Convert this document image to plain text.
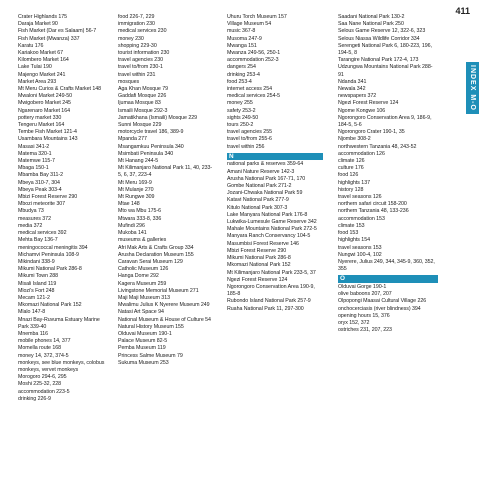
411
Crater Highlands 175
Daraja Market 90
Fish Market (Dar es Salaam) 56-7
Fish Market (Mwanza) 337
Karatu 176
Kariakoo Market 67
Kilombero Market 164
Lake Tulai 190
Majengo Market 241
Market Area 293
Mt Meru Curios & Crafts Market 148
Mwaloni Market 249-50
Mwigobero Market 245
Ngarenaro Market 164
pottery market 330
Tengeru Market 164
Tembe Fish Market 121-4
Usambara Mountains 143
Masasi 341-2
Matema 320-1
Matemwe 115-7
Mbaga 150-1
Mbamba Bay 311-2
Mbeya 310-7, 304
Mbeya Peak 303-4
Mbizi Forest Reserve 290
Mbozi meteorite 307
Mbudya 73
measures 372
media 372
medical services 392
Mehta Bay 136-7
meningococcal meningitis 394
Michamvi Peninsula 108-9
Mikindani 338-9
Mikumi National Park 286-8
Mikumi Town 288
Misali Island 119
Mlozi's Fort 248
Mecam 121-2
Mkomazi National Park 152
Mlalo 147-8
Mnazi Bay-Ruvuma Estuary Marine Park 339-40
Mnemba 116
mobile phones 14, 377
Momella route 168
money 14, 372, 374-5
monkeys, see blue monkeys, colobus monkeys, vervet monkeys
Morogoro 294-6, 295
Moshi 225-32, 228
accommodation 223-5
drinking 226-9
food 226-7, 229
immigration 230
medical services 230
money 230
shopping 229-30
tourist information 230
travel agencies 230
travel to/from 230-1
travel within 231
mosques
Aga Khan Mosque 79
Gaddafi Mosque 226
Ijumaa Mosque 83
Ismaili Mosque 292-3
Jamatikhana (Ismaili) Mosque 229
Sunni Mosque 229
motorcycle travel 186, 389-9
Mpanda 277
Msangamkuu Peninsula 340
Msimbati Peninsula 340
Mt Hanang 244-5
Mt Kilimanjaro National Park 11, 40, 233-5, 6, 37, 223-4
Mt Meru 169-9
Mt Mulanje 270
Mt Rungwe 309
Mtae 148
Mto wa Mbu 175-6
Mtwara 333-8, 336
Mufindi 296
Mukoba 141
museums & galleries
Afri Mak Arts & Crafts Group 334
Arusha Declaration Museum 155
Caravan Serai Museum 129
Catholic Museum 126
Hanga Dome 292
Kagera Museum 259
Livingstone Memorial Museum 271
Maji Maji Museum 313
Mwalimu Julius K Nyerere Museum 249
Natasi Art Space 94
National Museum & House of Culture 54
Natural History Museum 155
Olduvai Museum 190-1
Palace Museum 82-5
Pemba Museum 119
Princess Salme Museum 79
Sukuma Museum 253
Uhuru Torch Museum 157
Village Museum 54
music 367-8
Musoma 247-9
Mwanga 151
Mwanza 249-56, 250-1
accommodation 252-3
dangers 254
drinking 253-4
food 253-4
internet access 254
medical services 254-5
money 255
safety 253-2
sights 249-50
tours 250-2
travel agencies 255
travel to/from 255-6
travel within 256
N
national parks & reserves 359-64
Amani Nature Reserve 142-3
Arusha National Park 167-71, 170
Gombe National Park 271-2
Jozani-Chwaka National Park 59
Katavi National Park 277-9
Kitulo National Park 307-3
Lake Manyara National Park 176-8
Lukwika-Lumesule Game Reserve 342
Mahale Mountains National Park 272-5
Manyara Ranch Conservancy 104-5
Masumbisi Forest Reserve 146
Mbizi Forest Reserve 290
Mikumi National Park 286-8
Mkomazi National Park 152
Mt Kilimanjaro National Park 233-5, 37
Ngezi Forest Reserve 124
Ngorongoro Conservation Area 190-9, 185-8
Rubondo Island National Park 257-9
Ruaha National Park 11, 297-300
Saadani National Park 130-2
Saa Nane National Park 250
Selous Game Reserve 12, 322-6, 323
Selous Niassa Wildlife Corridor 334
Serengeti National Park 6, 180-223, 196, 194-5, 8
Tarangire National Park 172-4, 173
Udzungwa Mountains National Park 288-91
Ndanda 341
Newala 342
newspapers 372
Ngezi Forest Reserve 124
Ngome Kongwe 106
Ngorongoro Conservation Area 9, 186-9, 184-5, 5-6
Ngorongoro Crater 190-1, 35
Njombe 308-2
northwestern Tanzania 48, 243-52
accommodation 126
climate 126
culture 176
food 126
highlights 137
history 128
travel seasons 126
northern safari circuit 158-200
northern Tanzania 48, 133-236
accommodation 153
climate 153
food 153
highlights 154
travel seasons 153
Nungwi 100-4, 102
Nyerere, Julius 249, 344, 345-9, 360, 352, 355
O
Olduvai Gorge 190-1
olive baboons 207, 207
Olpopongi Maasai Cultural Village 226
onchocerciasis (river blindness) 394
opening hours 15, 376
oryx 152, 372
ostriches 231, 207, 223
INDEX M-O
